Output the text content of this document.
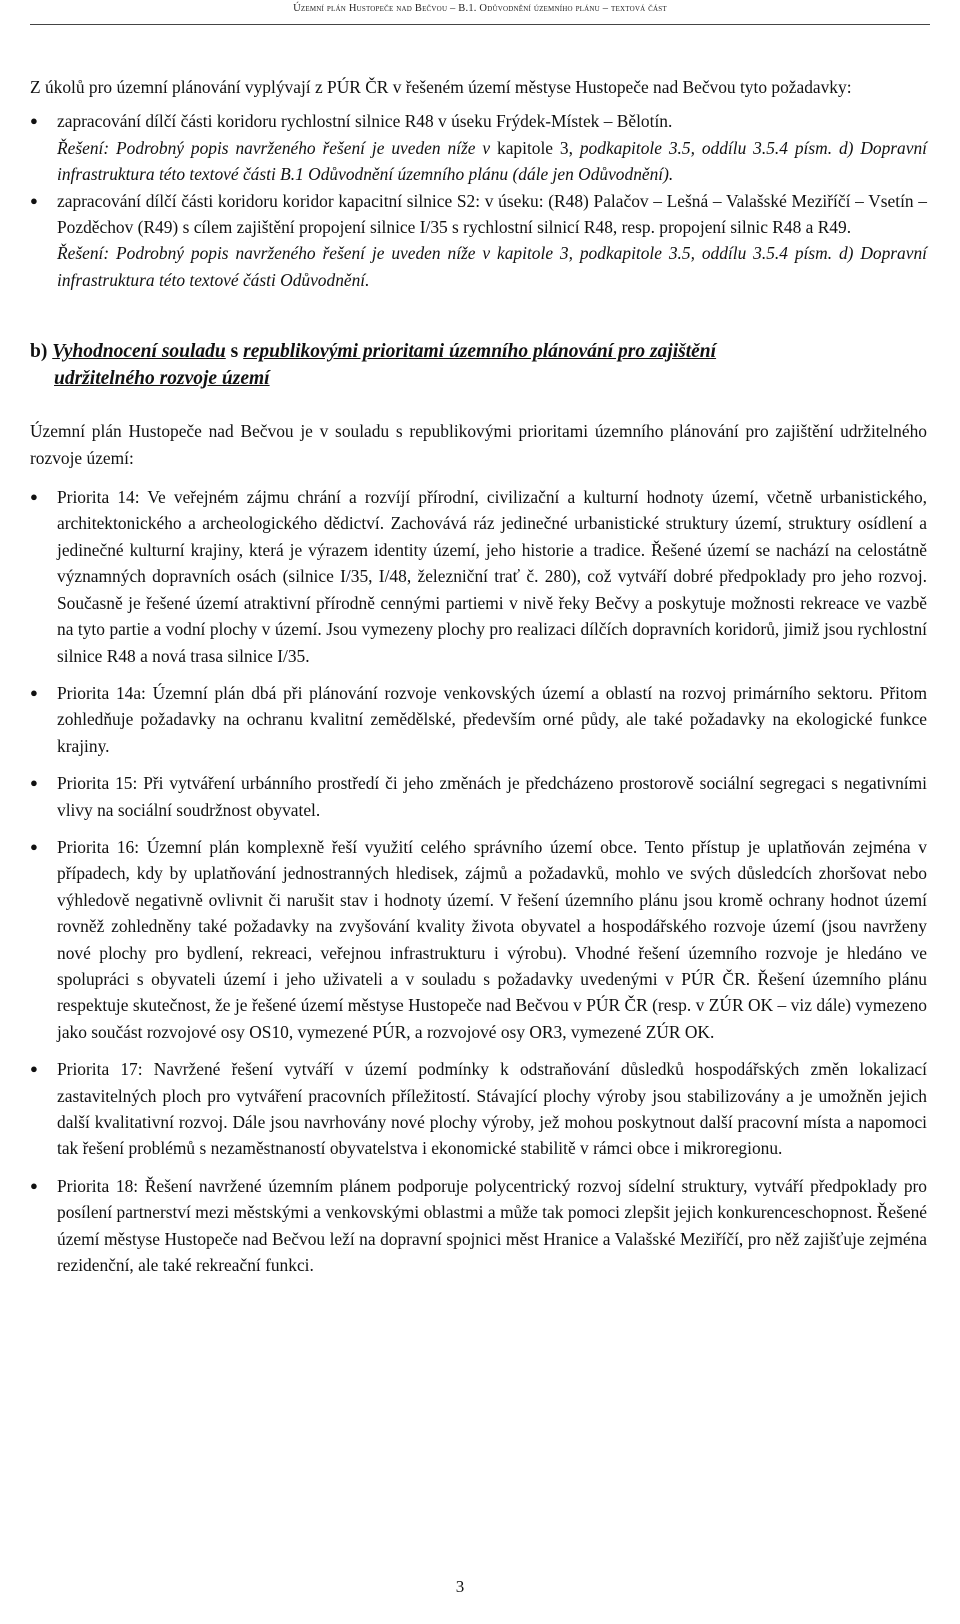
Územní plán Hustopeče nad Bečvou – B.1. Odůvodnění územního plánu – textová část

Z úkolů pro územní plánování vyplývají z PÚR ČR v řešeném území městyse Hustopeče nad Bečvou tyto požadavky:

● zapracování dílčí části koridoru rychlostní silnice R48 v úseku Frýdek-Místek – Bělotín.
Řešení: Podrobný popis navrženého řešení je uveden níže v kapitole 3, podkapitole 3.5, oddílu 3.5.4 písm. d) Dopravní infrastruktura této textové části B.1 Odůvodnění územního plánu (dále jen Odůvodnění).
● zapracování dílčí části koridoru koridor kapacitní silnice S2: v úseku: (R48) Palačov – Lešná – Valašské Meziříčí – Vsetín – Pozděchov (R49) s cílem zajištění propojení silnice I/35 s rychlostní silnicí R48, resp. propojení silnic R48 a R49.
Řešení: Podrobný popis navrženého řešení je uveden níže v kapitole 3, podkapitole 3.5, oddílu 3.5.4 písm. d) Dopravní infrastruktura této textové části Odůvodnění.
b) Vyhodnocení souladu s republikovými prioritami územního plánování pro zajištění
udržitelného rozvoje území

Územní plán Hustopeče nad Bečvou je v souladu s republikovými prioritami územního plánování pro zajištění udržitelného rozvoje území:

● Priorita 14: Ve veřejném zájmu chrání a rozvíjí přírodní, civilizační a kulturní hodnoty území, včetně urbanistického, architektonického a archeologického dědictví. Zachovává ráz jedinečné urbanistické struktury území, struktury osídlení a jedinečné kulturní krajiny, která je výrazem identity území, jeho historie a tradice. Řešené území se nachází na celostátně významných dopravních osách (silnice I/35, I/48, železniční trať č. 280), což vytváří dobré předpoklady pro jeho rozvoj. Současně je řešené území atraktivní přírodně cennými partiemi v nivě řeky Bečvy a poskytuje možnosti rekreace ve vazbě na tyto partie a vodní plochy v území. Jsou vymezeny plochy pro realizaci dílčích dopravních koridorů, jimiž jsou rychlostní silnice R48 a nová trasa silnice I/35.
● Priorita 14a: Územní plán dbá při plánování rozvoje venkovských území a oblastí na rozvoj primárního sektoru. Přitom zohledňuje požadavky na ochranu kvalitní zemědělské, především orné půdy, ale také požadavky na ekologické funkce krajiny.
● Priorita 15: Při vytváření urbánního prostředí či jeho změnách je předcházeno prostorově sociální segregaci s negativními vlivy na sociální soudržnost obyvatel.
● Priorita 16: Územní plán komplexně řeší využití celého správního území obce. Tento přístup je uplatňován zejména v případech, kdy by uplatňování jednostranných hledisek, zájmů a požadavků, mohlo ve svých důsledcích zhoršovat nebo výhledově negativně ovlivnit či narušit stav i hodnoty území. V řešení územního plánu jsou kromě ochrany hodnot území rovněž zohledněny také požadavky na zvyšování kvality života obyvatel a hospodářského rozvoje území (jsou navrženy nové plochy pro bydlení, rekreaci, veřejnou infrastrukturu i výrobu). Vhodné řešení územního rozvoje je hledáno ve spolupráci s obyvateli území i jeho uživateli a v souladu s požadavky uvedenými v PÚR ČR. Řešení územního plánu respektuje skutečnost, že je řešené území městyse Hustopeče nad Bečvou v PÚR ČR (resp. v ZÚR OK – viz dále) vymezeno jako součást rozvojové osy OS10, vymezené PÚR, a rozvojové osy OR3, vymezené ZÚR OK.
● Priorita 17: Navržené řešení vytváří v území podmínky k odstraňování důsledků hospodářských změn lokalizací zastavitelných ploch pro vytváření pracovních příležitostí. Stávající plochy výroby jsou stabilizovány a je umožněn jejich další kvalitativní rozvoj. Dále jsou navrhovány nové plochy výroby, jež mohou poskytnout další pracovní místa a napomoci tak řešení problémů s nezaměstnaností obyvatelstva i ekonomické stabilitě v rámci obce i mikroregionu.
● Priorita 18: Řešení navržené územním plánem podporuje polycentrický rozvoj sídelní struktury, vytváří předpoklady pro posílení partnerství mezi městskými a venkovskými oblastmi a může tak pomoci zlepšit jejich konkurenceschopnost. Řešené území městyse Hustopeče nad Bečvou leží na dopravní spojnici měst Hranice a Valašské Meziříčí, pro něž zajišťuje zejména rezidenční, ale také rekreační funkci.
3
